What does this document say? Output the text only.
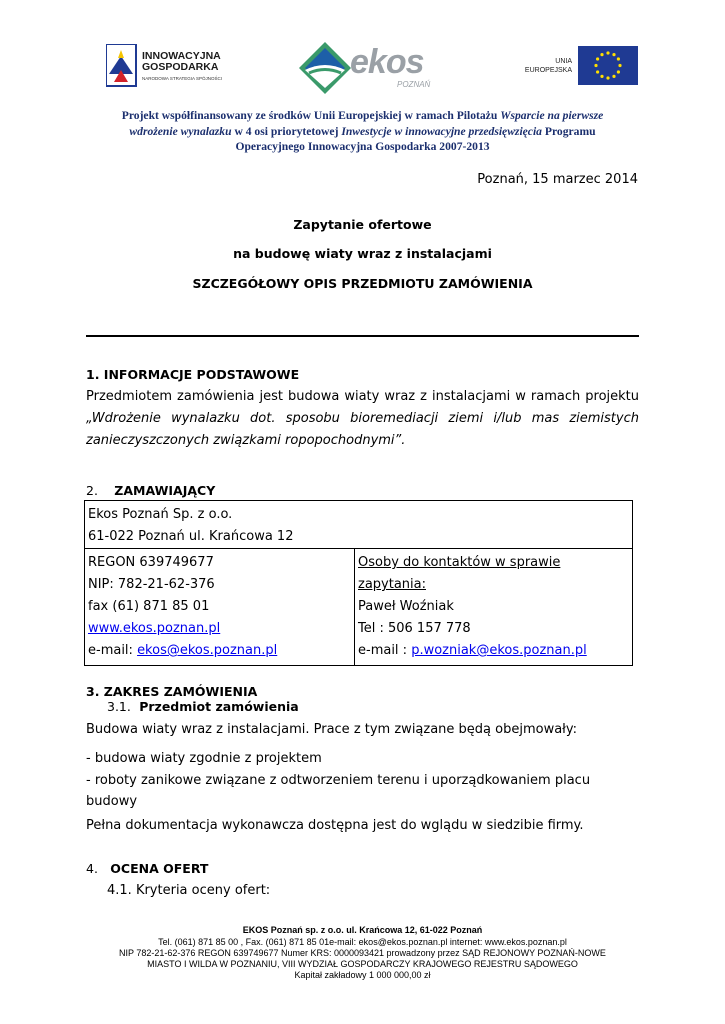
INNOWACYJNA
GOSPODARKA
NARODOWA STRATEGIA SPÓJNOŚCI	ekos
POZNAŃ
UNIA
EUROPEJSKA
Projekt współfinansowany ze środków Unii Europejskiej w ramach Pilotażu Wsparcie na pierwsze
wdrożenie wynalazku w 4 osi priorytetowej Inwestycje w innowacyjne przedsięwzięcia Programu
Operacyjnego Innowacyjna Gospodarka 2007-2013
Poznań, 15 marzec 2014
Zapytanie ofertowe
na budowę wiaty wraz z instalacjami
SZCZEGÓŁOWY OPIS PRZEDMIOTU ZAMÓWIENIA
1. INFORMACJE PODSTAWOWE
Przedmiotem zamówienia jest budowa wiaty wraz z instalacjami w ramach projektu
„Wdrożenie wynalazku dot. sposobu bioremediacji ziemi i/lub mas ziemistych
zanieczyszczonych związkami ropopochodnymi”.
2. ZAMAWIAJĄCY
Ekos Poznań Sp. z o.o.
61-022 Poznań ul. Krańcowa 12

REGON 639749677
NIP: 782-21-62-376
fax (61) 871 85 01
www.ekos.poznan.pl
e-mail: ekos@ekos.poznan.pl

Osoby do kontaktów w sprawie zapytania:
Paweł Woźniak
Tel : 506 157 778
e-mail : p.wozniak@ekos.poznan.pl
3. ZAKRES ZAMÓWIENIA
3.1. Przedmiot zamówienia
Budowa wiaty wraz z instalacjami. Prace z tym związane będą obejmowały:
- budowa wiaty zgodnie z projektem
- roboty zanikowe związane z odtworzeniem terenu i uporządkowaniem placu budowy
Pełna dokumentacja wykonawcza dostępna jest do wglądu w siedzibie firmy.
4. OCENA OFERT
4.1. Kryteria oceny ofert:
EKOS Poznań sp. z o.o. ul. Krańcowa 12, 61-022 Poznań
Tel. (061) 871 85 00 , Fax. (061) 871 85 01e-mail: ekos@ekos.poznan.pl internet: www.ekos.poznan.pl
NIP 782-21-62-376 REGON 639749677 Numer KRS: 0000093421 prowadzony przez SĄD REJONOWY POZNAŃ-NOWE
MIASTO I WILDA W POZNANIU, VIII WYDZIAŁ GOSPODARCZY KRAJOWEGO REJESTRU SĄDOWEGO
Kapitał zakładowy 1 000 000,00 zł
